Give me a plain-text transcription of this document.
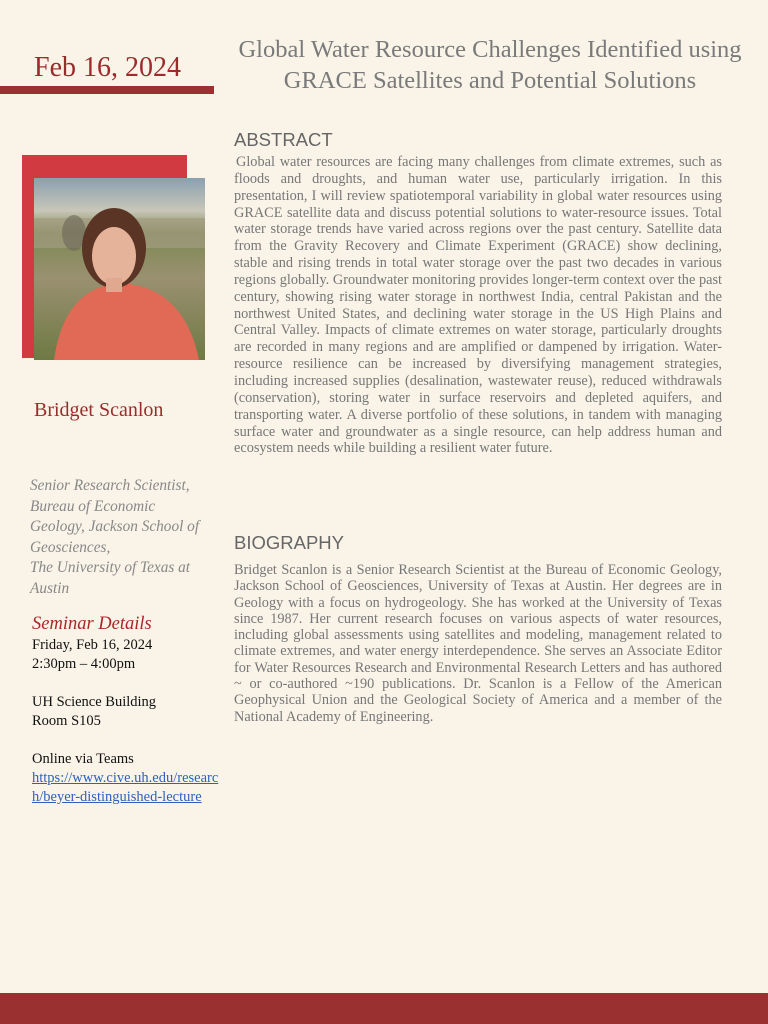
Feb 16, 2024
Global Water Resource Challenges Identified using GRACE Satellites and Potential Solutions
ABSTRACT
Global water resources are facing many challenges from climate extremes, such as floods and droughts, and human water use, particularly irrigation. In this presentation, I will review spatiotemporal variability in global water resources using GRACE satellite data and discuss potential solutions to water-resource issues. Total water storage trends have varied across regions over the past century. Satellite data from the Gravity Recovery and Climate Experiment (GRACE) show declining, stable and rising trends in total water storage over the past two decades in various regions globally. Groundwater monitoring provides longer-term context over the past century, showing rising water storage in northwest India, central Pakistan and the northwest United States, and declining water storage in the US High Plains and Central Valley. Impacts of climate extremes on water storage, particularly droughts are recorded in many regions and are amplified or dampened by irrigation. Water-resource resilience can be increased by diversifying management strategies, including increased supplies (desalination, wastewater reuse), reduced withdrawals (conservation), storing water in surface reservoirs and depleted aquifers, and transporting water. A diverse portfolio of these solutions, in tandem with managing surface water and groundwater as a single resource, can help address human and ecosystem needs while building a resilient water future.
BIOGRAPHY
Bridget Scanlon is a Senior Research Scientist at the Bureau of Economic Geology, Jackson School of Geosciences, University of Texas at Austin. Her degrees are in Geology with a focus on hydrogeology. She has worked at the University of Texas since 1987. Her current research focuses on various aspects of water resources, including global assessments using satellites and modeling, management related to climate extremes, and water energy interdependence. She serves an Associate Editor for Water Resources Research and Environmental Research Letters and has authored ~ or co-authored ~190 publications. Dr. Scanlon is a Fellow of the American Geophysical Union and the Geological Society of America and a member of the National Academy of Engineering.
Bridget Scanlon
Senior Research Scientist,
Bureau of Economic
Geology, Jackson School of
Geosciences,
The University of Texas at
Austin
Seminar Details
Friday, Feb 16, 2024
2:30pm – 4:00pm
UH Science Building
Room S105
Online via Teams
https://www.cive.uh.edu/research/beyer-distinguished-lecture
